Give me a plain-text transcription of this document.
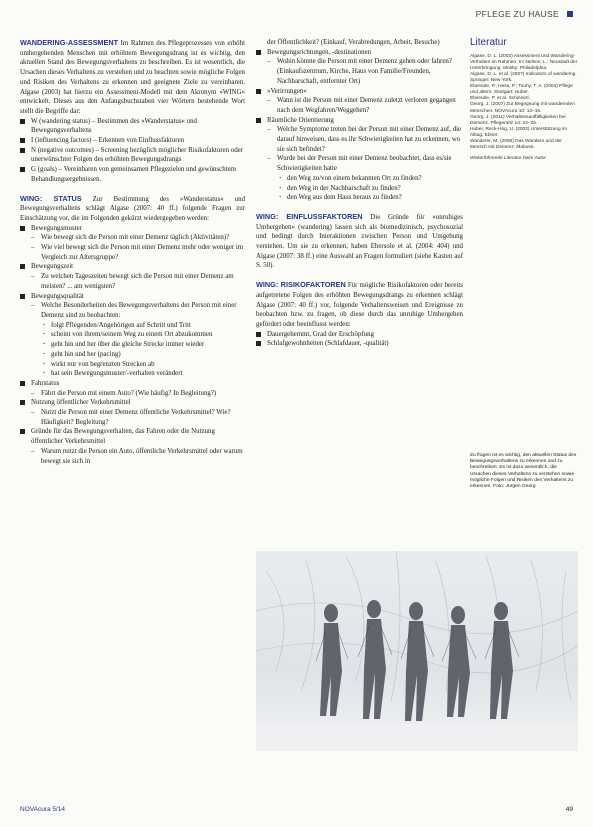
PFLEGE ZU HAUSE

WANDERING-ASSESSMENT Im Rahmen des Pflegeprozesses von erhöht umhergehenden Menschen mit erhöhtem Bewegungsdrang ist es wichtig, den aktuellen Stand des Bewegungsverhaltens zu beschreiben. Es ist wesentlich, die Ursachen dieses Verhaltens zu verstehen und zu beachten sowie mögliche Folgen und Risiken des Verhaltens zu erkennen und geeignete Ziele zu vereinbaren. Algase (2003) hat hierzu ein Assessment-Modell mit dem Akronym »WING« entwickelt. Dieses aus den Anfangsbuchstaben vier Wörtern bestehende Wort stellt die Begriffe dar:

W (wandering status) – Bestimmen des »Wanderstatus« und Bewegungsverhaltens
I (influencing factors) – Erkennen von Einflussfaktoren
N (negative outcomes) – Screening bezüglich möglicher Risikofaktoren oder unerwünschter Folgen des erhöhten Bewegungsdrangs
G (goals) – Vereinbaren von gemeinsamen Pflegezielen und gewünschtem Behandlungsergebnissen.

WING: STATUS Zur Bestimmung des »Wanderstatus« und Bewegungsverhaltens schlägt Algase (2007: 40 ff.) folgende Fragen zur Einschätzung vor, die im Folgenden gekürzt wiedergegeben werden:

Bewegungsmuster
– Wie bewegt sich die Person mit einer Demenz täglich (Aktivitäten)?
– Wie viel bewegt sich die Person mit einer Demenz mehr oder weniger im Vergleich zur Altersgruppe?
Bewegungszeit
– Zu welchen Tageszeiten bewegt sich die Person mit einer Demenz am meisten? ... am wenigsten?
Bewegungsqualität
– Welche Besonderheiten des Bewegungsverhaltens der Person mit einer Demenz sind zu beobachten:
· folgt Pflegenden/Angehörigen auf Schritt und Tritt
· scheint von ihrem/seinem Weg zu einem Ort abzukommen
· geht hin und her über die gleiche Strecke immer wieder
· geht hin und her (pacing)
· wirkt nur von begrenzten Strecken ab
· hat sein Bewegungsmuster/-verhalten verändert
Fahrstatus
– Fährt die Person mit einem Auto? (Wie häufig? In Begleitung?)
Nutzung öffentlicher Verkehrsmittel
– Nutzt die Person mit einer Demenz öffentliche Verkehrsmittel? Wie? Häufigkeit? Begleitung?
Gründe für das Bewegungsverhalten, das Fahren oder die Nutzung öffentlicher Verkehrsmittel
– Warum nutzt die Person ein Auto, öffentliche Verkehrsmittel oder warum bewegt sie sich in

der Öffentlichkeit? (Einkauf, Verabredungen, Arbeit, Besuche)

Bewegungsrichtungen, -destinationen
– Wohin könnte die Person mit einer Demenz gehen oder fahren? (Einkaufszentrum, Kirche, Haus von Familie/Freunden, Nachbarschaft, entfernter Ort)
»Verirrungen«
– Wann ist die Person mit einer Demenz zuletzt verloren gegangen nach dem Wegfahren/Weggehen?
Räumliche Orientierung
– Welche Symptome treten bei der Person mit einer Demenz auf, die darauf hinweisen, dass es ihr Schwierigkeiten hat zu erkennen, wo sie sich befindet?
– Wurde bei der Person mit einer Demenz beobachtet, dass es/sie Schwierigkeiten hatte
· den Weg zu/von einem bekannten Ort zu finden?
· den Weg in der Nachbarschaft zu finden?
· den Weg aus dem Haus heraus zu finden?

WING: EINFLUSSFAKTOREN Die Gründe für »unruhiges Umhergehen« (wandering) lassen sich als biomedizinisch, psychosozial und bedingt durch Interaktionen zwischen Person und Umgebung verstehen. Um sie zu erkennen, haben Ebersole et al. (2004: 404) und Algase (2007: 38 ff.) eine Auswahl an Fragen formuliert (siehe Kasten auf S. 50).

WING: RISIKOFAKTOREN Für mögliche Risikofaktoren oder bereits aufgetretene Folgen des erhöhten Bewegungsdrangs zu erkennen schlägt Algase (2007: 40 ff.) vor, folgende Verhaltensweisen und Ereignisse zu beobachten bzw. zu fragen, ob diese durch das unruhige Umhergehen gefördert oder beeinflusst werden:

Dauergehemmt, Grad der Erschöpfung
Schlafgewohnheiten (Schlafdauer, -qualität)
Literatur
Algase, D. L. (2003) Assessment und Wandering-Verhalten im Rahmen. In: Nelson, L.: Neustadt der Unterbringung. Mosby: Philadelphia.
Algase, D. L. et al. (2007) Indicators of wandering. Springer: New York.
Ebersole, P.; Hess, P.; Touhy, T. A. (2004) Pflege und altern. Stuttgart: Huber.
Ebersole, P. et al. Schinnerl.
Georg, J. (2007) Zur Begegnung mit wandernden Menschen. NOVAcura 10: 13–15.
Georg, J. (2011) Verhaltensauffälligkeiten bei Demenz. Pflegenetz 14: 22–25.
Huber, Reck-Hog, U. (2003) Unterstützung im Alltag. Ebner.
Wanderer, M. (2008) Das Wandern und der Mensch mit Demenz. Mabuse.
Weiterführende Literatur beim Autor
Zu fragen ist es wichtig, den aktuellen Status des Bewegungsverhaltens zu erkennen und zu beschreiben. Es ist dazu wesentlich, die Ursachen dieses Verhaltens zu verstehen sowie mögliche Folgen und Risiken des Verhaltens zu erkennen. Foto: Jürgen Georg
NOVAcura 5/14	49
